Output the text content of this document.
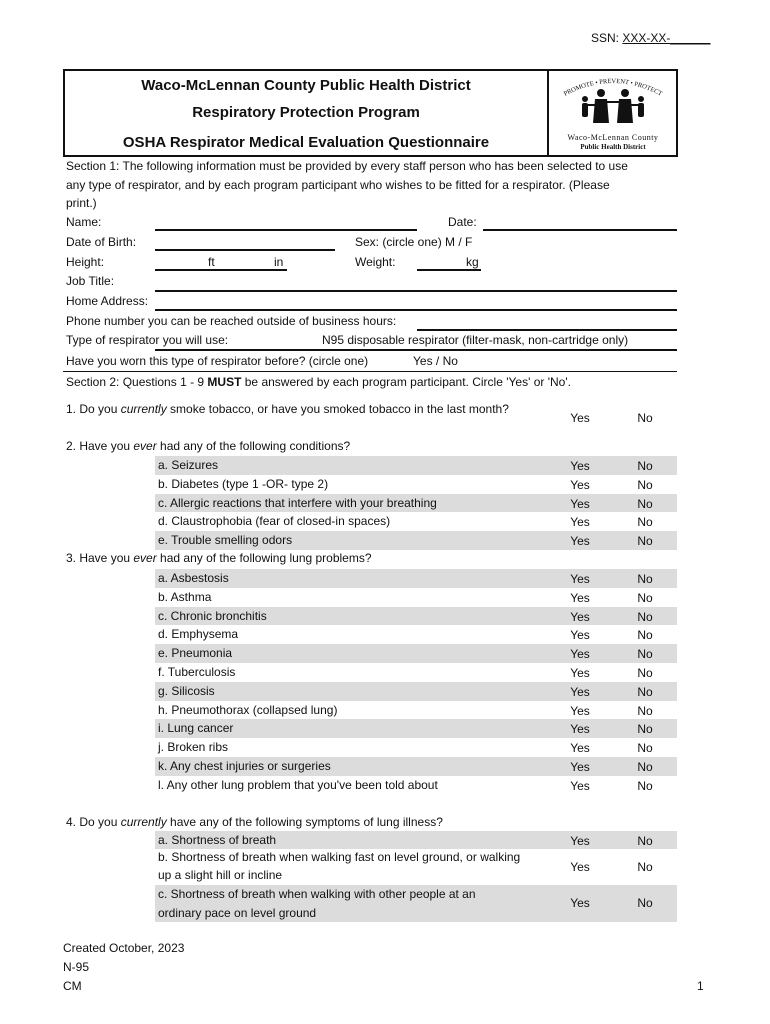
SSN: XXX-XX-______
Waco-McLennan County Public Health District
Respiratory Protection Program
OSHA Respirator Medical Evaluation Questionnaire
PROMOTE • PREVENT • PROTECT
Waco-McLennan County
Public Health District
Section 1: The following information must be provided by every staff person who has been selected to use
any type of respirator, and by each program participant who wishes to be fitted for a respirator. (Please
print.)
Name:	Date:
Date of Birth:	Sex: (circle one) M / F
Height:	ft	in	Weight:	kg
Job Title:
Home Address:
Phone number you can be reached outside of business hours:
Type of respirator you will use:	N95 disposable respirator (filter-mask, non-cartridge only)
Have you worn this type of respirator before? (circle one)	Yes / No
Section 2: Questions 1 - 9 MUST be answered by each program participant. Circle 'Yes' or 'No'.
1. Do you currently smoke tobacco, or have you smoked tobacco in the last month?
Yes	No
2. Have you ever had any of the following conditions?
a. Seizures	Yes	No
b. Diabetes (type 1 -OR- type 2)	Yes	No
c. Allergic reactions that interfere with your breathing	Yes	No
d. Claustrophobia (fear of closed-in spaces)	Yes	No
e. Trouble smelling odors	Yes	No
3. Have you ever had any of the following lung problems?
a. Asbestosis	Yes	No
b. Asthma	Yes	No
c. Chronic bronchitis	Yes	No
d. Emphysema	Yes	No
e. Pneumonia	Yes	No
f. Tuberculosis	Yes	No
g. Silicosis	Yes	No
h. Pneumothorax (collapsed lung)	Yes	No
i. Lung cancer	Yes	No
j. Broken ribs	Yes	No
k. Any chest injuries or surgeries	Yes	No
l. Any other lung problem that you've been told about	Yes	No
4. Do you currently have any of the following symptoms of lung illness?
a. Shortness of breath	Yes	No
b. Shortness of breath when walking fast on level ground, or walking
up a slight hill or incline
Yes	No
c. Shortness of breath when walking with other people at an
ordinary pace on level ground
Yes	No
Created October, 2023
N-95
CM	1
